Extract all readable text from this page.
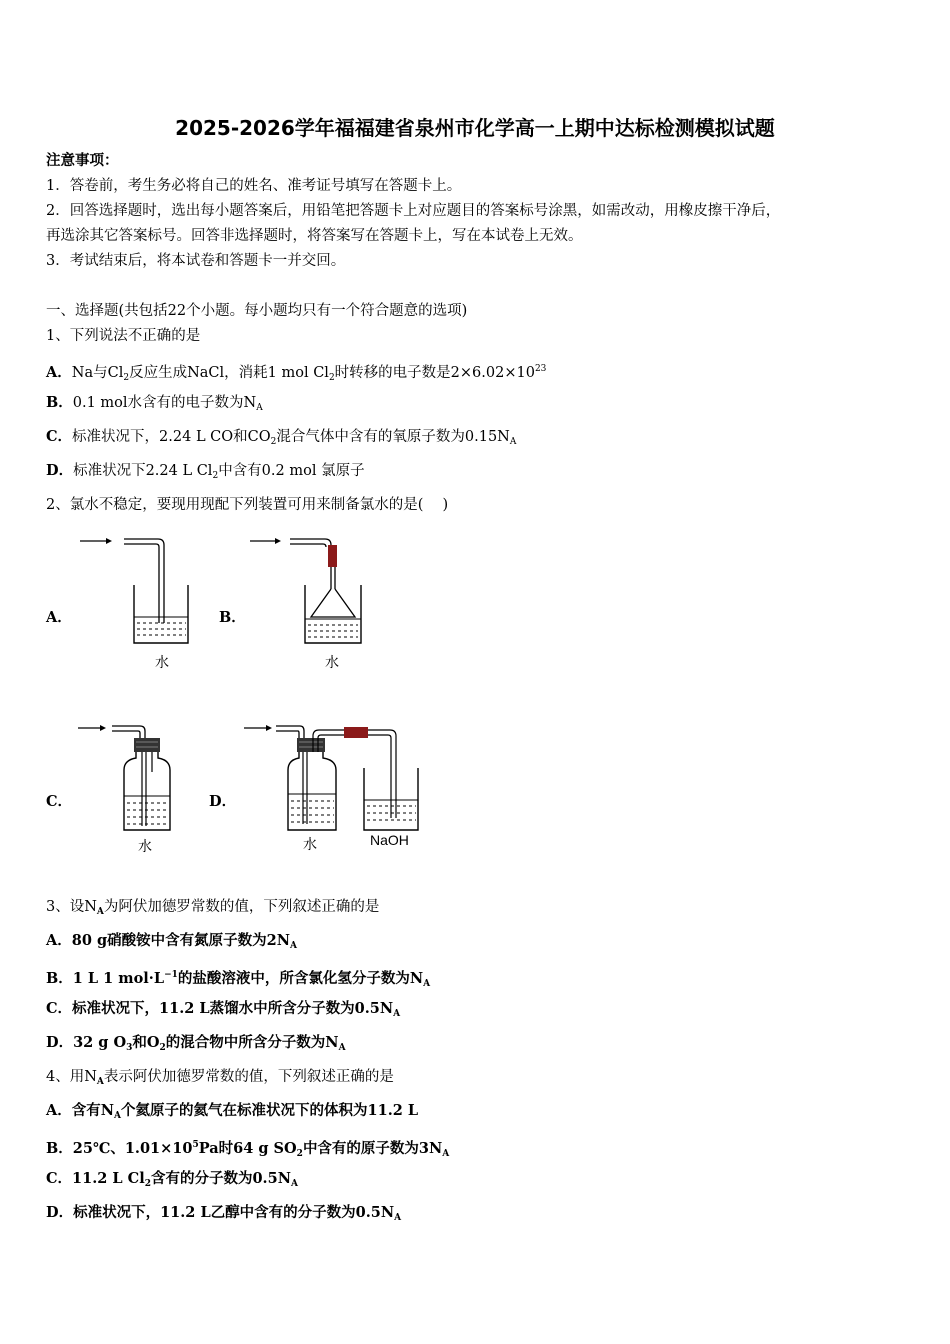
2025-2026学年福福建省泉州市化学高一上期中达标检测模拟试题
注意事项：
1．答卷前，考生务必将自己的姓名、准考证号填写在答题卡上。
2．回答选择题时，选出每小题答案后，用铅笔把答题卡上对应题目的答案标号涂黑，如需改动，用橡皮擦干净后，
再选涂其它答案标号。回答非选择题时，将答案写在答题卡上，写在本试卷上无效。
3．考试结束后，将本试卷和答题卡一并交回。
一、选择题(共包括22个小题。每小题均只有一个符合题意的选项)
1、下列说法不正确的是
A．Na与$Cl_2$反应生成NaCl，消耗1 mol $Cl_2$时转移的电子数是$2\times 6.02\times 10^{23}$
B．0.1 mol水含有的电子数为$N_A$
C．标准状况下，2.24 L CO和$CO_2$混合气体中含有的氧原子数为$0.15N_A$
D．标准状况下2.24 L $Cl_2$中含有0.2 mol 氯原子
2、氯水不稳定，要现用现配下列装置可用来制备氯水的是(　 )
A．
水
B．
水
C．
水
D．
水	NaOH
3、设$N_A$为阿伏加德罗常数的值，下列叙述正确的是
A．80 g硝酸铵中含有氮原子数为$2N_A$
B．1 L 1 $mol\cdot L^{-1}$的盐酸溶液中，所含氯化氢分子数为$N_A$
C．标准状况下，11.2 L蒸馏水中所含分子数为$0.5N_A$
D．32 g $O_3$和$O_2$的混合物中所含分子数为$N_A$
4、用$N_A$表示阿伏加德罗常数的值，下列叙述正确的是
A．含有$N_A$个氦原子的氦气在标准状况下的体积为11.2 L
B．25℃、$1.01\times 10^5Pa$时64 g $SO_2$中含有的原子数为$3N_A$
C．11.2 L $Cl_2$含有的分子数为$0.5N_A$
D．标准状况下，11.2 L乙醇中含有的分子数为$0.5N_A$
